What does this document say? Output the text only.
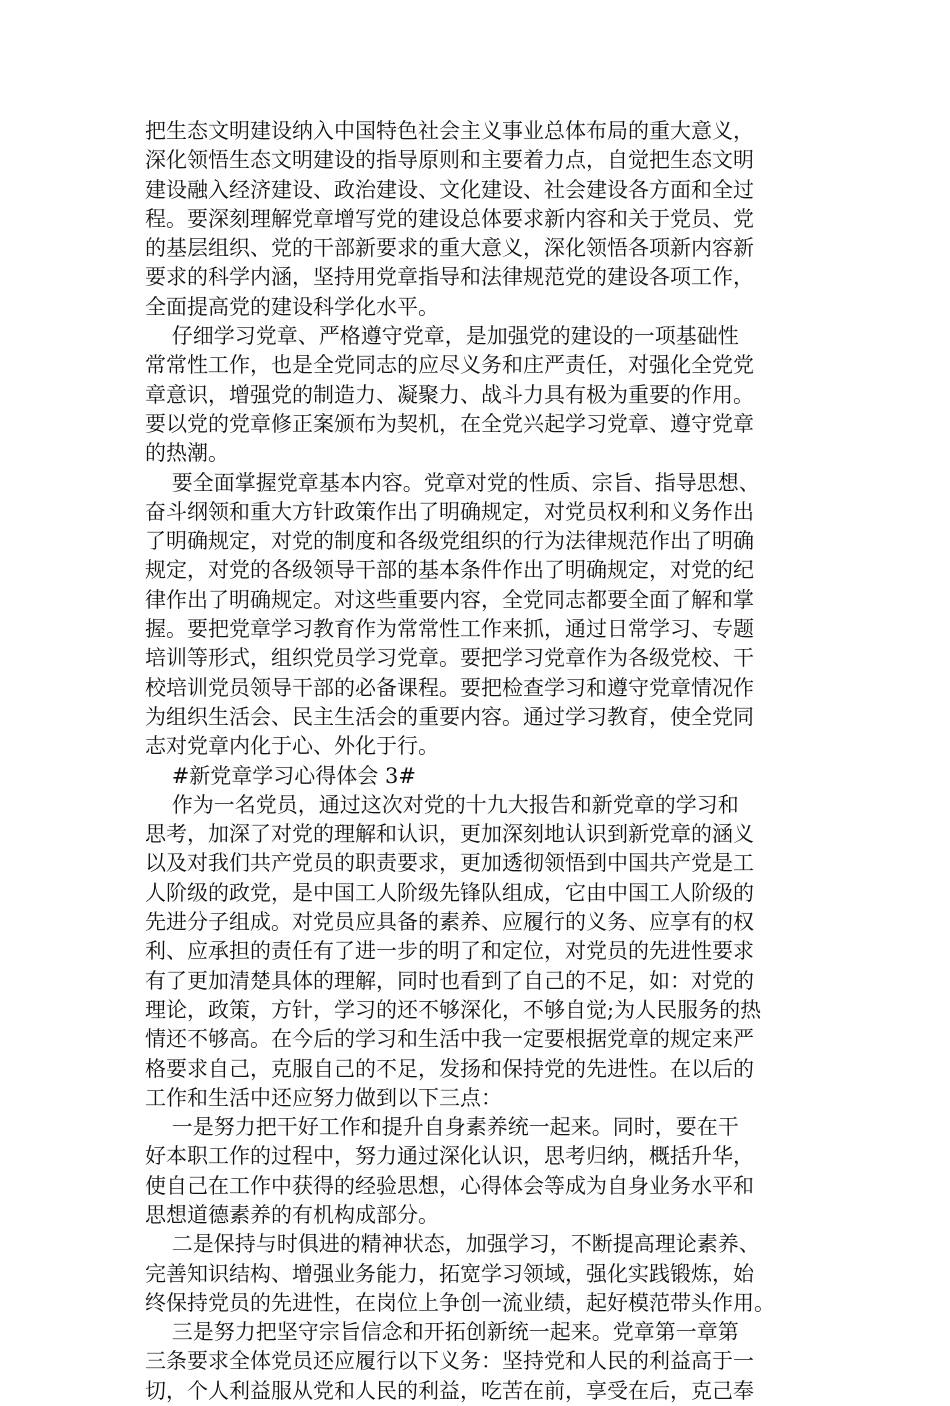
把生态文明建设纳入中国特色社会主义事业总体布局的重大意义，
深化领悟生态文明建设的指导原则和主要着力点，自觉把生态文明
建设融入经济建设、政治建设、文化建设、社会建设各方面和全过
程。要深刻理解党章增写党的建设总体要求新内容和关于党员、党
的基层组织、党的干部新要求的重大意义，深化领悟各项新内容新
要求的科学内涵，坚持用党章指导和法律规范党的建设各项工作，
全面提高党的建设科学化水平。
仔细学习党章、严格遵守党章，是加强党的建设的一项基础性
常常性工作，也是全党同志的应尽义务和庄严责任，对强化全党党
章意识，增强党的制造力、凝聚力、战斗力具有极为重要的作用。
要以党的党章修正案颁布为契机，在全党兴起学习党章、遵守党章
的热潮。
要全面掌握党章基本内容。党章对党的性质、宗旨、指导思想、
奋斗纲领和重大方针政策作出了明确规定，对党员权利和义务作出
了明确规定，对党的制度和各级党组织的行为法律规范作出了明确
规定，对党的各级领导干部的基本条件作出了明确规定，对党的纪
律作出了明确规定。对这些重要内容，全党同志都要全面了解和掌
握。要把党章学习教育作为常常性工作来抓，通过日常学习、专题
培训等形式，组织党员学习党章。要把学习党章作为各级党校、干
校培训党员领导干部的必备课程。要把检查学习和遵守党章情况作
为组织生活会、民主生活会的重要内容。通过学习教育，使全党同
志对党章内化于心、外化于行。
#新党章学习心得体会 3#
作为一名党员，通过这次对党的十九大报告和新党章的学习和
思考，加深了对党的理解和认识，更加深刻地认识到新党章的涵义
以及对我们共产党员的职责要求，更加透彻领悟到中国共产党是工
人阶级的政党，是中国工人阶级先锋队组成，它由中国工人阶级的
先进分子组成。对党员应具备的素养、应履行的义务、应享有的权
利、应承担的责任有了进一步的明了和定位，对党员的先进性要求
有了更加清楚具体的理解，同时也看到了自己的不足，如：对党的
理论，政策，方针，学习的还不够深化，不够自觉;为人民服务的热
情还不够高。在今后的学习和生活中我一定要根据党章的规定来严
格要求自己，克服自己的不足，发扬和保持党的先进性。在以后的
工作和生活中还应努力做到以下三点：
一是努力把干好工作和提升自身素养统一起来。同时，要在干
好本职工作的过程中，努力通过深化认识，思考归纳，概括升华，
使自己在工作中获得的经验思想，心得体会等成为自身业务水平和
思想道德素养的有机构成部分。
二是保持与时俱进的精神状态，加强学习，不断提高理论素养、
完善知识结构、增强业务能力，拓宽学习领域，强化实践锻炼，始
终保持党员的先进性，在岗位上争创一流业绩，起好模范带头作用。
三是努力把坚守宗旨信念和开拓创新统一起来。党章第一章第
三条要求全体党员还应履行以下义务：坚持党和人民的利益高于一
切，个人利益服从党和人民的利益，吃苦在前，享受在后，克己奉
